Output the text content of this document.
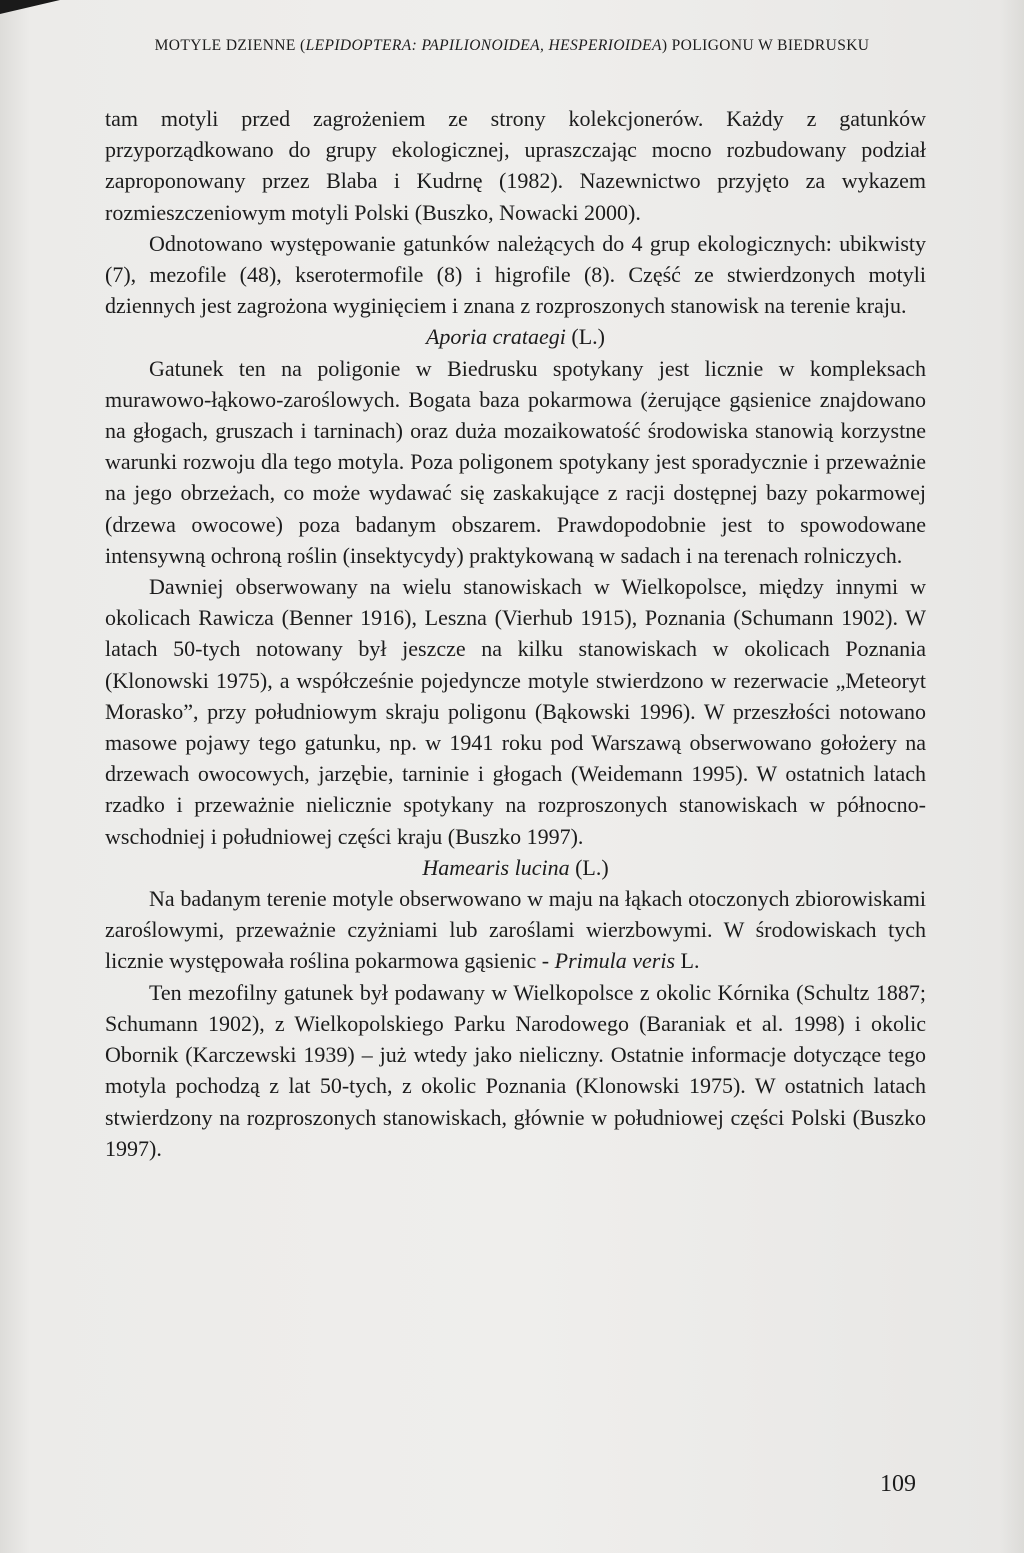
MOTYLE DZIENNE (LEPIDOPTERA: PAPILIONOIDEA, HESPERIOIDEA) POLIGONU W BIEDRUSKU

tam motyli przed zagrożeniem ze strony kolekcjonerów. Każdy z gatunków przyporządkowano do grupy ekologicznej, upraszczając mocno rozbudowany podział zaproponowany przez Blaba i Kudrnę (1982). Nazewnictwo przyjęto za wykazem rozmieszczeniowym motyli Polski (Buszko, Nowacki 2000).

Odnotowano występowanie gatunków należących do 4 grup ekologicznych: ubikwisty (7), mezofile (48), kserotermofile (8) i higrofile (8). Część ze stwierdzonych motyli dziennych jest zagrożona wyginięciem i znana z rozproszonych stanowisk na terenie kraju.

Aporia crataegi (L.)

Gatunek ten na poligonie w Biedrusku spotykany jest licznie w kompleksach murawowo-łąkowo-zaroślowych. Bogata baza pokarmowa (żerujące gąsienice znajdowano na głogach, gruszach i tarninach) oraz duża mozaikowatość środowiska stanowią korzystne warunki rozwoju dla tego motyla. Poza poligonem spotykany jest sporadycznie i przeważnie na jego obrzeżach, co może wydawać się zaskakujące z racji dostępnej bazy pokarmowej (drzewa owocowe) poza badanym obszarem. Prawdopodobnie jest to spowodowane intensywną ochroną roślin (insektycydy) praktykowaną w sadach i na terenach rolniczych.

Dawniej obserwowany na wielu stanowiskach w Wielkopolsce, między innymi w okolicach Rawicza (Benner 1916), Leszna (Vierhub 1915), Poznania (Schumann 1902). W latach 50-tych notowany był jeszcze na kilku stanowiskach w okolicach Poznania (Klonowski 1975), a współcześnie pojedyncze motyle stwierdzono w rezerwacie „Meteoryt Morasko”, przy południowym skraju poligonu (Bąkowski 1996). W przeszłości notowano masowe pojawy tego gatunku, np. w 1941 roku pod Warszawą obserwowano gołożery na drzewach owocowych, jarzębie, tarninie i głogach (Weidemann 1995). W ostatnich latach rzadko i przeważnie nielicznie spotykany na rozproszonych stanowiskach w północno-wschodniej i południowej części kraju (Buszko 1997).

Hamearis lucina (L.)

Na badanym terenie motyle obserwowano w maju na łąkach otoczonych zbiorowiskami zaroślowymi, przeważnie czyżniami lub zaroślami wierzbowymi. W środowiskach tych licznie występowała roślina pokarmowa gąsienic - Primula veris L.

Ten mezofilny gatunek był podawany w Wielkopolsce z okolic Kórnika (Schultz 1887; Schumann 1902), z Wielkopolskiego Parku Narodowego (Baraniak et al. 1998) i okolic Obornik (Karczewski 1939) – już wtedy jako nieliczny. Ostatnie informacje dotyczące tego motyla pochodzą z lat 50-tych, z okolic Poznania (Klonowski 1975). W ostatnich latach stwierdzony na rozproszonych stanowiskach, głównie w południowej części Polski (Buszko 1997).

109
